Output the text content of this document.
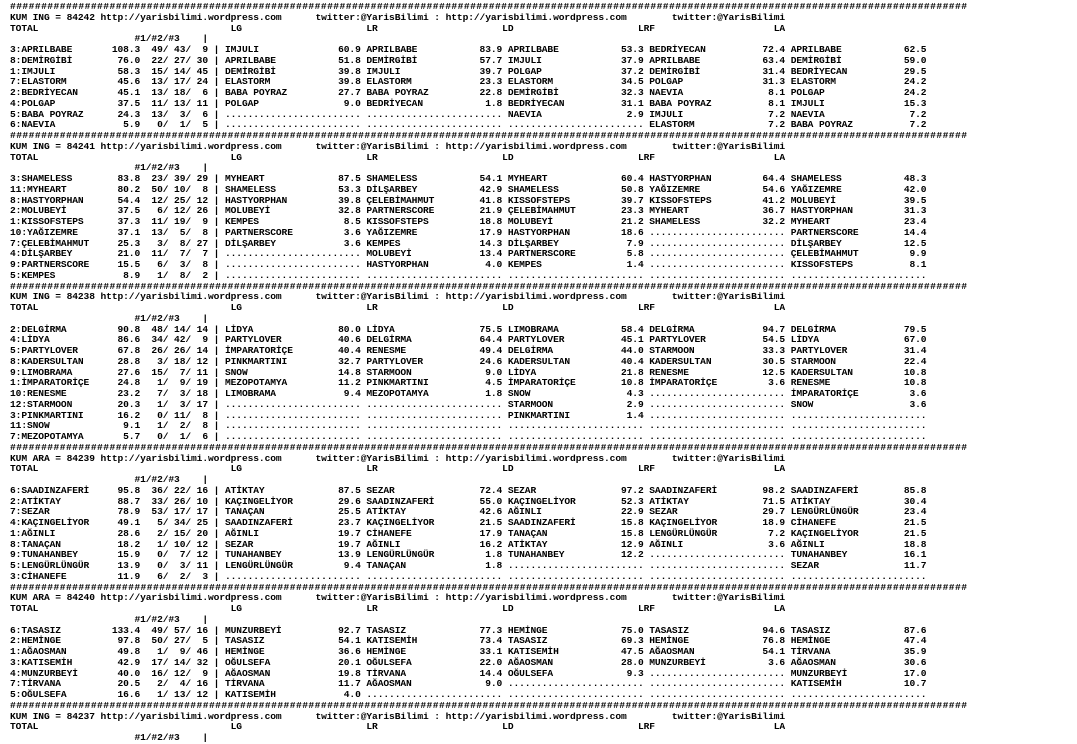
##########################################################################################################################################################
KUM ING = 84242 http://yarisbilimi.wordpress.com      twitter:@YarisBilimi : http://yarisbilimi.wordpress.com        twitter:@YarisBilimi
TOTAL                                  LG                      LR                      LD                      LRF                     LA
#1/#2/#3    |
3:APRILBABE       108.3  49/ 43/  9 | IMJULI              60.9 APRILBABE           83.9 APRILBABE           53.3 BEDRİYECAN          72.4 APRILBABE           62.5
8:DEMİRGİBİ        76.0  22/ 27/ 30 | APRILBABE           51.8 DEMİRGİBİ           57.7 IMJULI              37.9 APRILBABE           63.4 DEMİRGİBİ           59.0
1:IMJULI           58.3  15/ 14/ 45 | DEMİRGİBİ           39.8 IMJULI              39.7 POLGAP              37.2 DEMİRGİBİ           31.4 BEDRİYECAN          29.5
7:ELASTORM         45.6  13/ 17/ 24 | ELASTORM            39.8 ELASTORM            23.3 ELASTORM            34.5 POLGAP              31.3 ELASTORM            24.2
2:BEDRİYECAN       45.1  13/ 18/  6 | BABA POYRAZ         27.7 BABA POYRAZ         22.8 DEMİRGİBİ           32.3 NAEVIA               8.1 POLGAP              24.2
4:POLGAP           37.5  11/ 13/ 11 | POLGAP               9.0 BEDRİYECAN           1.8 BEDRİYECAN          31.1 BABA POYRAZ          8.1 IMJULI              15.3
5:BABA POYRAZ      24.3  13/  3/  6 | ........................ ........................ NAEVIA               2.9 IMJULI               7.2 NAEVIA               7.2
6:NAEVIA            5.9   0/  1/  5 | ........................ ........................ ........................ ELASTORM             7.2 BABA POYRAZ          7.2
##########################################################################################################################################################
KUM ING = 84241 http://yarisbilimi.wordpress.com      twitter:@YarisBilimi : http://yarisbilimi.wordpress.com        twitter:@YarisBilimi
TOTAL                                  LG                      LR                      LD                      LRF                     LA
#1/#2/#3    |
3:SHAMELESS        83.8  23/ 39/ 29 | MYHEART             87.5 SHAMELESS           54.1 MYHEART             60.4 HASTYORPHAN         64.4 SHAMELESS           48.3
11:MYHEART         80.2  50/ 10/  8 | SHAMELESS           53.3 DİLŞARBEY           42.9 SHAMELESS           50.8 YAĞIZEMRE           54.6 YAĞIZEMRE           42.0
8:HASTYORPHAN      54.4  12/ 25/ 12 | HASTYORPHAN         39.8 ÇELEBİMAHMUT        41.8 KISSOFSTEPS         39.7 KISSOFSTEPS         41.2 MOLUBEYİ            39.5
2:MOLUBEYİ         37.5   6/ 12/ 26 | MOLUBEYİ            32.8 PARTNERSCORE        21.9 ÇELEBİMAHMUT        23.3 MYHEART             36.7 HASTYORPHAN         31.3
1:KISSOFSTEPS      37.3  11/ 19/  9 | KEMPES               8.5 KISSOFSTEPS         18.8 MOLUBEYİ            21.2 SHAMELESS           32.2 MYHEART             23.4
10:YAĞIZEMRE       37.1  13/  5/  8 | PARTNERSCORE         3.6 YAĞIZEMRE           17.9 HASTYORPHAN         18.6 ........................ PARTNERSCORE        14.4
7:ÇELEBİMAHMUT     25.3   3/  8/ 27 | DİLŞARBEY            3.6 KEMPES              14.3 DİLŞARBEY            7.9 ........................ DİLŞARBEY           12.5
4:DİLŞARBEY        21.0  11/  7/  7 | ........................ MOLUBEYİ            13.4 PARTNERSCORE         5.8 ........................ ÇELEBİMAHMUT         9.9
9:PARTNERSCORE     15.5   6/  3/  8 | ........................ HASTYORPHAN          4.0 KEMPES               1.4 ........................ KISSOFSTEPS          8.1
5:KEMPES            8.9   1/  8/  2 | ........................ ........................ ........................ ........................ ........................
##########################################################################################################################################################
KUM ING = 84238 http://yarisbilimi.wordpress.com      twitter:@YarisBilimi : http://yarisbilimi.wordpress.com        twitter:@YarisBilimi
TOTAL                                  LG                      LR                      LD                      LRF                     LA
#1/#2/#3    |
2:DELGİRMA         90.8  48/ 14/ 14 | LİDYA               80.0 LİDYA               75.5 LIMOBRAMA           58.4 DELGİRMA            94.7 DELGİRMA            79.5
4:LİDYA            86.6  34/ 42/  9 | PARTYLOVER          40.6 DELGİRMA            64.4 PARTYLOVER          45.1 PARTYLOVER          54.5 LİDYA               67.0
5:PARTYLOVER       67.8  26/ 26/ 14 | İMPARATORİÇE        40.4 RENESME             49.4 DELGİRMA            44.0 STARMOON            33.3 PARTYLOVER          31.4
8:KADERSULTAN      28.8   3/ 18/ 12 | PINKMARTINI         32.7 PARTYLOVER          24.6 KADERSULTAN         40.4 KADERSULTAN         30.5 STARMOON            22.4
9:LIMOBRAMA        27.6  15/  7/ 11 | SNOW                14.8 STARMOON             9.0 LİDYA               21.8 RENESME             12.5 KADERSULTAN         10.8
1:İMPARATORİÇE     24.8   1/  9/ 19 | MEZOPOTAMYA         11.2 PINKMARTINI          4.5 İMPARATORİÇE        10.8 İMPARATORİÇE         3.6 RENESME             10.8
10:RENESME         23.2   7/  3/ 18 | LIMOBRAMA            9.4 MEZOPOTAMYA          1.8 SNOW                 4.3 ........................ İMPARATORİÇE         3.6
12:STARMOON        20.3   1/  3/ 17 | ........................ ........................ STARMOON             2.9 ........................ SNOW                 3.6
3:PINKMARTINI      16.2   0/ 11/  8 | ........................ ........................ PINKMARTINI          1.4 ........................ ........................
11:SNOW             9.1   1/  2/  8 | ........................ ........................ ........................ ........................ ........................
7:MEZOPOTAMYA       5.7   0/  1/  6 | ........................ ........................ ........................ ........................ ........................
##########################################################################################################################################################
KUM ARA = 84239 http://yarisbilimi.wordpress.com      twitter:@YarisBilimi : http://yarisbilimi.wordpress.com        twitter:@YarisBilimi
TOTAL                                  LG                      LR                      LD                      LRF                     LA
#1/#2/#3    |
6:SAADINZAFERİ     95.8  36/ 22/ 16 | ATİKTAY             87.5 SEZAR               72.4 SEZAR               97.2 SAADINZAFERİ        98.2 SAADINZAFERİ        85.8
2:ATİKTAY          88.7  33/ 26/ 10 | KAÇINGELİYOR        29.6 SAADINZAFERİ        55.0 KAÇINGELİYOR        52.3 ATİKTAY             71.5 ATİKTAY             30.4
7:SEZAR            78.9  53/ 17/ 17 | TANAÇAN             25.5 ATİKTAY             42.6 AĞINLI              22.9 SEZAR               29.7 LENGÜRLÜNGÜR        23.4
4:KAÇINGELİYOR     49.1   5/ 34/ 25 | SAADINZAFERİ        23.7 KAÇINGELİYOR        21.5 SAADINZAFERİ        15.8 KAÇINGELİYOR        18.9 CİHANEFE            21.5
1:AĞINLI           28.6   2/ 15/ 20 | AĞINLI              19.7 CİHANEFE            17.9 TANAÇAN             15.8 LENGÜRLÜNGÜR         7.2 KAÇINGELİYOR        21.5
8:TANAÇAN          18.2   1/ 10/ 12 | SEZAR               19.7 AĞINLI              16.2 ATİKTAY             12.9 AĞINLI               3.6 AĞINLI              18.8
9:TUNAHANBEY       15.9   0/  7/ 12 | TUNAHANBEY          13.9 LENGÜRLÜNGÜR         1.8 TUNAHANBEY          12.2 ........................ TUNAHANBEY          16.1
5:LENGÜRLÜNGÜR     13.9   0/  3/ 11 | LENGÜRLÜNGÜR         9.4 TANAÇAN              1.8 ........................ ........................ SEZAR               11.7
3:CİHANEFE         11.9   6/  2/  3 | ........................ ........................ ........................ ........................ ........................
##########################################################################################################################################################
KUM ARA = 84240 http://yarisbilimi.wordpress.com      twitter:@YarisBilimi : http://yarisbilimi.wordpress.com        twitter:@YarisBilimi
TOTAL                                  LG                      LR                      LD                      LRF                     LA
#1/#2/#3    |
6:TASASIZ         133.4  49/ 57/ 16 | MUNZURBEYİ          92.7 TASASIZ             77.3 HEMİNGE             75.0 TASASIZ             94.6 TASASIZ             87.6
2:HEMİNGE          97.8  50/ 27/  5 | TASASIZ             54.1 KATISEMİH           73.4 TASASIZ             69.3 HEMİNGE             76.8 HEMİNGE             47.4
1:AĞAOSMAN         49.8   1/  9/ 46 | HEMİNGE             36.6 HEMİNGE             33.1 KATISEMİH           47.5 AĞAOSMAN            54.1 TİRVANA             35.9
3:KATISEMİH        42.9  17/ 14/ 32 | OĞULSEFA            20.1 OĞULSEFA            22.0 AĞAOSMAN            28.0 MUNZURBEYİ           3.6 AĞAOSMAN            30.6
4:MUNZURBEYİ       40.0  16/ 12/  9 | AĞAOSMAN            19.8 TİRVANA             14.4 OĞULSEFA             9.3 ........................ MUNZURBEYİ          17.0
7:TİRVANA          20.5   2/  4/ 16 | TİRVANA             11.7 AĞAOSMAN             9.0 ........................ ........................ KATISEMİH           10.7
5:OĞULSEFA         16.6   1/ 13/ 12 | KATISEMİH            4.0 ........................ ........................ ........................ ........................
##########################################################################################################################################################
KUM ING = 84237 http://yarisbilimi.wordpress.com      twitter:@YarisBilimi : http://yarisbilimi.wordpress.com        twitter:@YarisBilimi
TOTAL                                  LG                      LR                      LD                      LRF                     LA
#1/#2/#3    |
